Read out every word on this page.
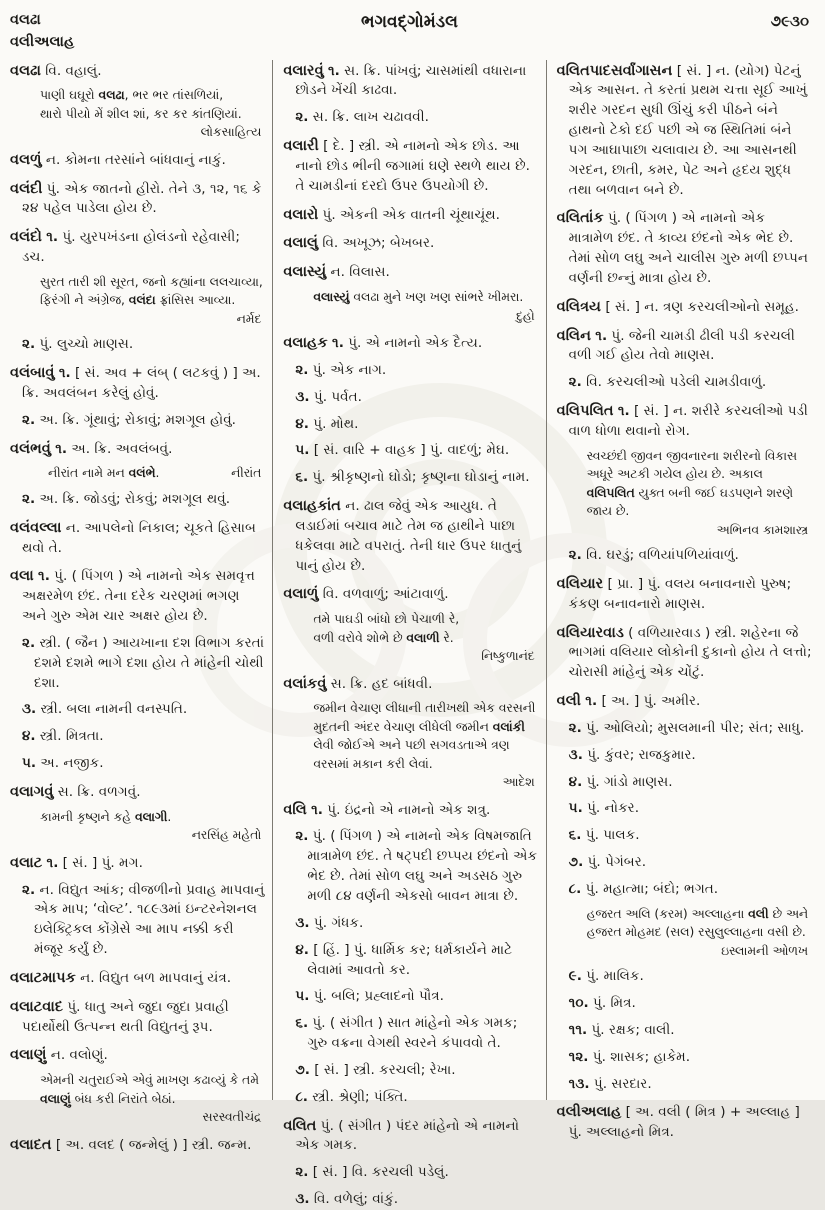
વલઢા
વલીઅલાહ
ભગવદ્ગોમંડલ	૭૯૩૦

વલઢા વિ. વહાલું.

પાણી ઘઘૂરો વલઢા, ભર ભર તાંસળિયાં,
થારો પીયો મેં શીલ શાં, કર કર કાંતણિયાં.
લોકસાહિત્ય

વલળું ન. કોમના તરસાંને બાંધવાનું નાકું.

વલંદી પું. એક જાતનો હીરો. તેને ૩, ૧૨, ૧૬ કે ૨૪ પહેલ પાડેલા હોય છે.

વલંદો ૧. પું. યુરપખંડના હોલંડનો રહેવાસી; ડચ.

સુરત તારી શી સૂરત, જનો કહ્યાંના લલચાવ્યા,
ફિરંગી ને અંગ્રેજ, વલંદા ફ્રાંસિસ આવ્યા.
નર્મદ

૨. પું. લુચ્ચો માણસ.

વલંબાવું ૧. [ સં. અવ + લંબ્ ( લટકવું ) ] અ. ક્રિ. અવલંબન કરેલું હોવું.

૨. અ. ક્રિ. ગૂંથાવું; રોકાવું; મશગૂલ હોવું.

વલંભવું ૧. અ. ક્રિ. અવલંબવું.

નીરાંત નામે મન વલંભે.	નીરાંત

૨. અ. ક્રિ. જોડવું; રોકવું; મશગૂલ થવું.

વલંવલ્લા ન. આપલેનો નિકાલ; ચૂકતે હિસાબ થવો તે.

વલા ૧. પું. ( પિંગળ ) એ નામનો એક સમવૃત્ત અક્ષરમેળ છંદ. તેના દરેક ચરણમાં ભગણ અને ગુરુ એમ ચાર અક્ષર હોય છે.

૨. સ્ત્રી. ( જૈન ) આયખાના દશ વિભાગ કરતાં દશમે દશમે ભાગે દશા હોય તે માંહેની ચોથી દશા.

૩. સ્ત્રી. બલા નામની વનસ્પતિ.

૪. સ્ત્રી. મિત્રતા.

૫. અ. નજીક.

વલાગવું સ. ક્રિ. વળગવું.

કામની કૃષ્ણને કહે વલાગી.
નરસિંહ મહેતો

વલાટ ૧. [ સં. ] પું. મગ.

૨. ન. વિદ્યુત આંક; વીજળીનો પ્રવાહ માપવાનું એક માપ; ‘વોલ્ટ’. ૧૮૯૩માં ઇન્ટરનેશનલ ઇલેક્ટ્રિકલ કોંગ્રેસે આ માપ નક્કી કરી મંજૂર કર્યું છે.

વલાટમાપક ન. વિદ્યુત બળ માપવાનું યંત્ર.

વલાટવાદ પું. ધાતુ અને જુદા જુદા પ્રવાહી પદાર્થોથી ઉત્પન્ન થતી વિદ્યુતનું રૂપ.

વલાણું ન. વલોણું.

એમની ચતુરાઈએ એવું માખણ કઢાવ્યું કે તમે વલાણું બંધ કરી નિરાંતે બેઠાં.
સરસ્વતીચંદ્ર

વલાદત [ અ. વલદ ( જન્મેલું ) ] સ્ત્રી. જન્મ.

વલારવું ૧. સ. ક્રિ. પાંખવું; ચાસમાંથી વધારાના છોડને ખેંચી કાઢવા.

૨. સ. ક્રિ. લાખ ચઢાવવી.

વલારી [ દે. ] સ્ત્રી. એ નામનો એક છોડ. આ નાનો છોડ ભીની જગામાં ઘણે સ્થળે થાય છે. તે ચામડીનાં દરદો ઉપર ઉપયોગી છે.

વલારો પું. એકની એક વાતની ચૂંથાચૂંથ.

વલાલું વિ. અખૂઝ; બેખબર.

વલાસ્યું ન. વિલાસ.

વલાસ્યું વલઢા મુને ખણ ખણ સાંભરે ખીમરા.
દુહો

વલાહક ૧. પું. એ નામનો એક દૈત્ય.

૨. પું. એક નાગ.

૩. પું. પર્વત.

૪. પું. મોથ.

૫. [ સં. વારિ + વાહક ] પું. વાદળું; મેઘ.

૬. પું. શ્રીકૃષ્ણનો ઘોડો; કૃષ્ણના ઘોડાનું નામ.

વલાહકાંત ન. ઢાલ જેવું એક આયુધ. તે લડાઈમાં બચાવ માટે તેમ જ હાથીને પાછા ધકેલવા માટે વપરાતું. તેની ધાર ઉપર ધાતુનું પાનું હોય છે.

વલાળું વિ. વળવાળું; આંટાવાળું.

તમે પાઘડી બાંધો છો પેચાળી રે,
વળી વરોવે શોભે છે વલાળી રે.
નિષ્કુળાનંદ

વલાંકવું સ. ક્રિ. હદ બાંધવી.

જમીન વેચાણ લીધાની તારીખથી એક વરસની મુદતની અંદર વેચાણ લીધેલી જમીન વલાંકી લેવી જોઈએ અને પછી સગવડતાએ ત્રણ વરસમાં મકાન કરી લેવાં.
આદેશ

વલિ ૧. પું. ઇંદ્રનો એ નામનો એક શત્રુ.

૨. પું. ( પિંગળ ) એ નામનો એક વિષમજાતિ માત્રામેળ છંદ. તે ષટ્પદી છપ્પય છંદનો એક ભેદ છે. તેમાં સોળ લઘુ અને અડસઠ ગુરુ મળી ૮૪ વર્ણની એકસો બાવન માત્રા છે.

૩. પું. ગંધક.

૪. [ હિં. ] પું. ધાર્મિક કર; ધર્મકાર્યને માટે લેવામાં આવતો કર.

૫. પું. બલિ; પ્રહ્લાદનો પૌત્ર.

૬. પું. ( સંગીત ) સાત માંહેનો એક ગમક; ગુરુ વક્રના વેગથી સ્વરને કંપાવવો તે.

૭. [ સં. ] સ્ત્રી. કરચલી; રેખા.

૮. સ્ત્રી. શ્રેણી; પંક્તિ.

વલિત પું. ( સંગીત ) પંદર માંહેનો એ નામનો એક ગમક.

૨. [ સં. ] વિ. કરચલી પડેલું.

૩. વિ. વળેલું; વાંકું.

વલિતપાદસર્વાંગાસન [ સં. ] ન. (યોગ) પેટનું એક આસન. તે કરતાં પ્રથમ ચત્તા સૂઈ આખું શરીર ગરદન સુધી ઊંચું કરી પીઠને બંને હાથનો ટેકો દઈ પછી એ જ સ્થિતિમાં બંને પગ આઘાપાછા ચલાવાય છે. આ આસનથી ગરદન, છાતી, કમર, પેટ અને હૃદય શુદ્ધ તથા બળવાન બને છે.

વલિતાંક પું. ( પિંગળ ) એ નામનો એક માત્રામેળ છંદ. તે કાવ્ય છંદનો એક ભેદ છે. તેમાં સોળ લઘુ અને ચાલીસ ગુરુ મળી છપ્પન વર્ણની છન્નું માત્રા હોય છે.

વલિત્રય [ સં. ] ન. ત્રણ કરચલીઓનો સમૂહ.

વલિન ૧. પું. જેની ચામડી ઢીલી પડી કરચલી વળી ગઈ હોય તેવો માણસ.

૨. વિ. કરચલીઓ પડેલી ચામડીવાળું.

વલિપલિત ૧. [ સં. ] ન. શરીરે કરચલીઓ પડી વાળ ધોળા થવાનો રોગ.

સ્વચ્છંદી જીવન જીવનારના શરીરનો વિકાસ અધૂરે અટકી ગયેલ હોય છે. અકાલ વલિપલિત યુક્ત બની જઈ ઘડપણને શરણે જાય છે.
અભિનવ કામશાસ્ત્ર

૨. વિ. ઘરડું; વળિયાંપળિયાંવાળું.

વલિયાર [ પ્રા. ] પું. વલય બનાવનારો પુરુષ; કંકણ બનાવનારો માણસ.

વલિયારવાડ ( વળિયારવાડ ) સ્ત્રી. શહેરના જે ભાગમાં વલિયાર લોકોની દુકાનો હોય તે લત્તો; ચોરાસી માંહેનું એક ચોંટું.

વલી ૧. [ અ. ] પું. અમીર.

૨. પું. ઓલિયો; મુસલમાની પીર; સંત; સાધુ.

૩. પું. કુંવર; રાજકુમાર.

૪. પું. ગાંડો માણસ.

૫. પું. નોકર.

૬. પું. પાલક.

૭. પું. પેગંબર.

૮. પું. મહાત્મા; બંદો; ભગત.

હજરત અલિ (કરમ) અલ્લાહના વલી છે અને હજરત મોહમદ (સલ) રસુલુલ્લાહના વસી છે.
ઇસ્લામની ઓળખ

૯. પું. માલિક.

૧૦. પું. મિત્ર.

૧૧. પું. રક્ષક; વાલી.

૧૨. પું. શાસક; હાકેમ.

૧૩. પું. સરદાર.

વલીઅલાહ [ અ. વલી ( મિત્ર ) + અલ્લાહ ] પું. અલ્લાહનો મિત્ર.
